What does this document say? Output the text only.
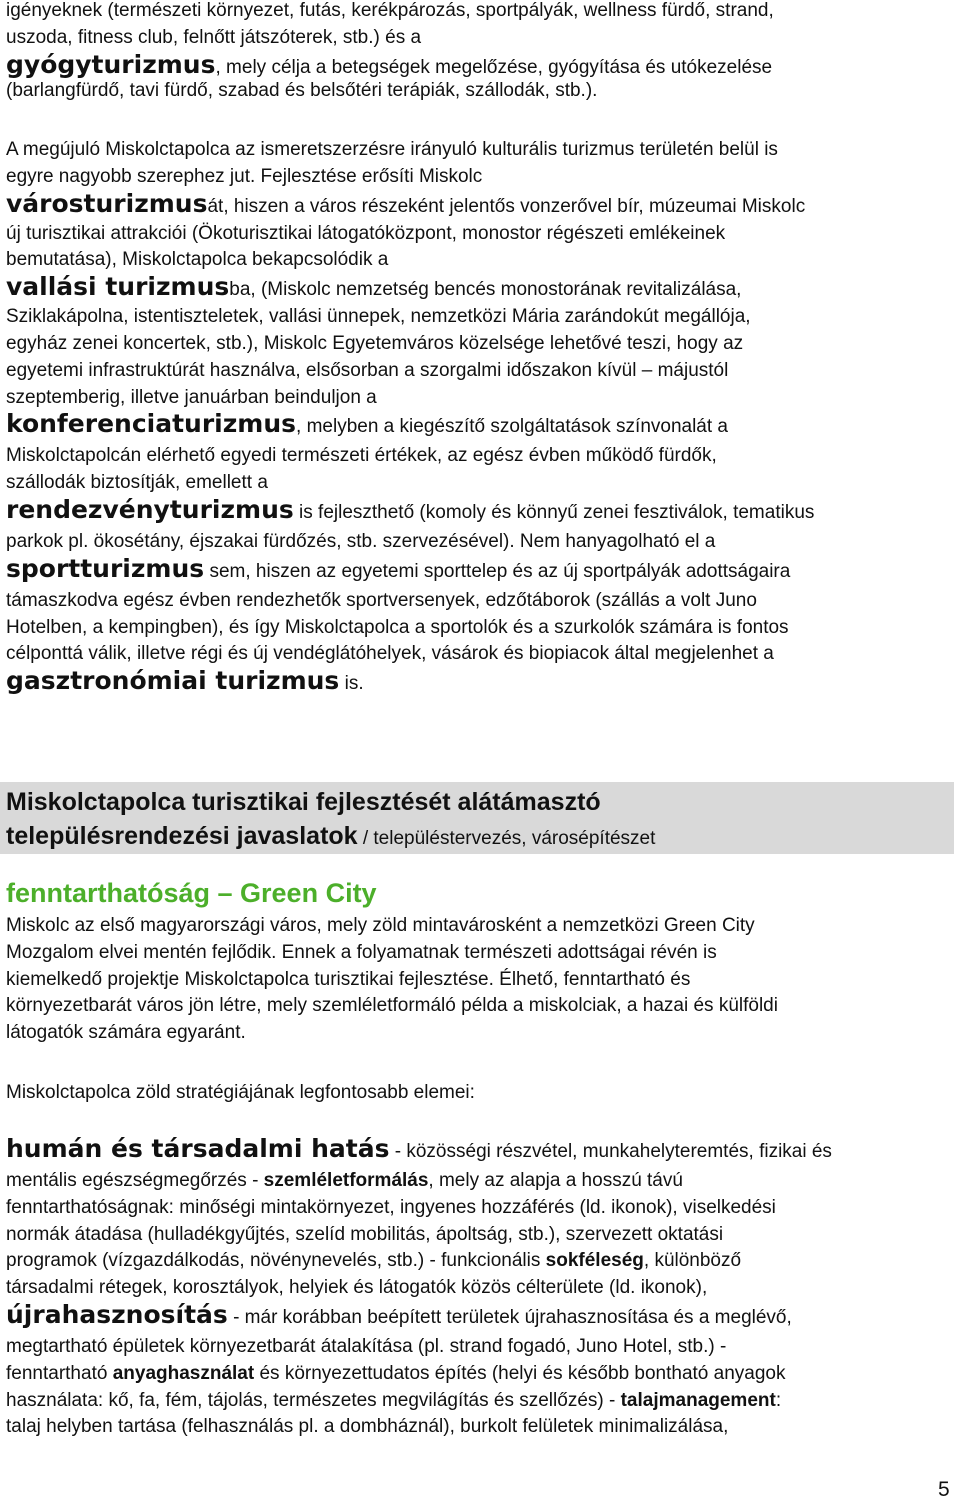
igényeknek (természeti környezet, futás, kerékpározás, sportpályák, wellness fürdő, strand,
uszoda, fitness club, felnőtt játszóterek, stb.) és a
gyógyturizmus, mely célja a betegségek megelőzése, gyógyítása és utókezelése
(barlangfürdő, tavi fürdő, szabad és belsőtéri terápiák, szállodák, stb.).
A megújuló Miskolctapolca az ismeretszerzésre irányuló kulturális turizmus területén belül is
egyre nagyobb szerephez jut. Fejlesztése erősíti Miskolc
városturizmusát, hiszen a város részeként jelentős vonzerővel bír, múzeumai Miskolc
új turisztikai attrakciói (Ökoturisztikai látogatóközpont, monostor régészeti emlékeinek
bemutatása), Miskolctapolca bekapcsolódik a
vallási turizmusba, (Miskolc nemzetség bencés monostorának revitalizálása,
Sziklakápolna, istentiszteletek, vallási ünnepek, nemzetközi Mária zarándokút megállója,
egyház zenei koncertek, stb.), Miskolc Egyetemváros közelsége lehetővé teszi, hogy az
egyetemi infrastruktúrát használva, elsősorban a szorgalmi időszakon kívül – májustól
szeptemberig, illetve januárban beinduljon a
konferenciaturizmus, melyben a kiegészítő szolgáltatások színvonalát a
Miskolctapolcán elérhető egyedi természeti értékek, az egész évben működő fürdők,
szállodák biztosítják, emellett a
rendezvényturizmus is fejleszthető (komoly és könnyű zenei fesztiválok, tematikus
parkok pl. ökosétány, éjszakai fürdőzés, stb. szervezésével). Nem hanyagolható el a
sportturizmus sem, hiszen az egyetemi sporttelep és az új sportpályák adottságaira
támaszkodva egész évben rendezhetők sportversenyek, edzőtáborok (szállás a volt Juno
Hotelben, a kempingben), és így Miskolctapolca a sportolók és a szurkolók számára is fontos
célponttá válik, illetve régi és új vendéglátóhelyek, vásárok és biopiacok által megjelenhet a
gasztronómiai turizmus is.
Miskolctapolca turisztikai fejlesztését alátámasztó
településrendezési javaslatok / településtervezés, városépítészet
fenntarthatóság – Green City
Miskolc az első magyarországi város, mely zöld mintavárosként a nemzetközi Green City
Mozgalom elvei mentén fejlődik. Ennek a folyamatnak természeti adottságai révén is
kiemelkedő projektje Miskolctapolca turisztikai fejlesztése. Élhető, fenntartható és
környezetbarát város jön létre, mely szemléletformáló példa a miskolciak, a hazai és külföldi
látogatók számára egyaránt.
Miskolctapolca zöld stratégiájának legfontosabb elemei:
humán és társadalmi hatás - közösségi részvétel, munkahelyteremtés, fizikai és
mentális egészségmegőrzés - szemléletformálás, mely az alapja a hosszú távú
fenntarthatóságnak: minőségi mintakörnyezet, ingyenes hozzáférés (ld. ikonok), viselkedési
normák átadása (hulladékgyűjtés, szelíd mobilitás, ápoltság, stb.), szervezett oktatási
programok (vízgazdálkodás, növénynevelés, stb.) - funkcionális sokféleség, különböző
társadalmi rétegek, korosztályok, helyiek és látogatók közös célterülete (ld. ikonok),
újrahasznosítás - már korábban beépített területek újrahasznosítása és a meglévő,
megtartható épületek környezetbarát átalakítása (pl. strand fogadó, Juno Hotel, stb.) -
fenntartható anyaghasználat és környezettudatos építés (helyi és később bontható anyagok
használata: kő, fa, fém, tájolás, természetes megvilágítás és szellőzés) - talajmanagement:
talaj helyben tartása (felhasználás pl. a dombháznál), burkolt felületek minimalizálása,
5
